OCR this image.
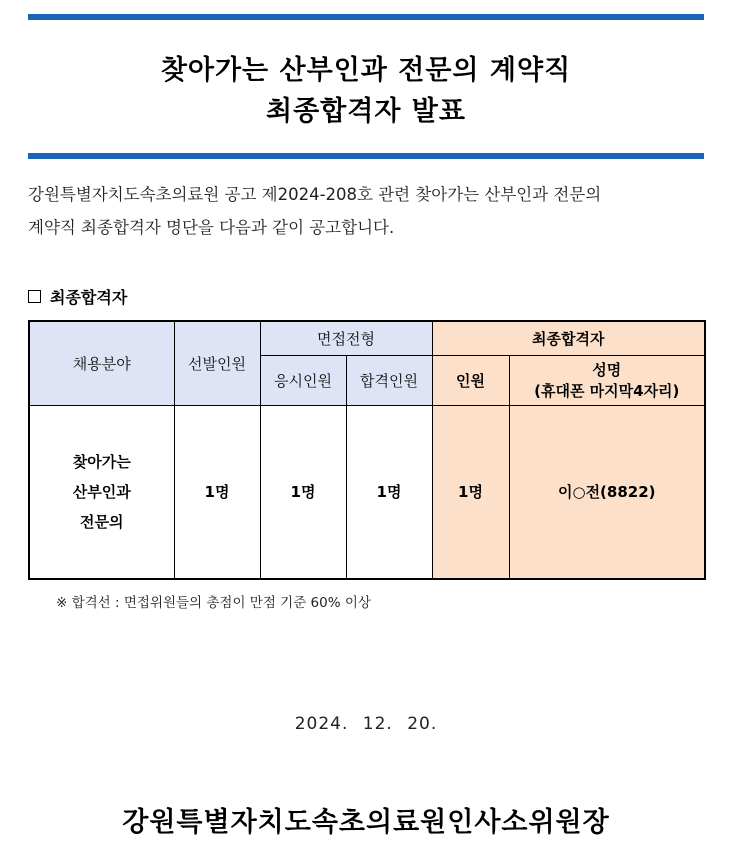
찾아가는 산부인과 전문의 계약직
최종합격자 발표
강원특별자치도속초의료원 공고 제2024-208호 관련 찾아가는 산부인과 전문의
계약직 최종합격자 명단을 다음과 같이 공고합니다.
최종합격자
채용분야	선발인원	면접전형		최종합격자	
		응시인원	합격인원	인원	성명
(휴대폰 마지막4자리)

찾아가는
산부인과
전문의	1명	1명	1명	1명	이○전(8822)
※ 합격선 : 면접위원들의 총점이 만점 기준 60% 이상
2024. 12. 20.
강원특별자치도속초의료원인사소위원장
